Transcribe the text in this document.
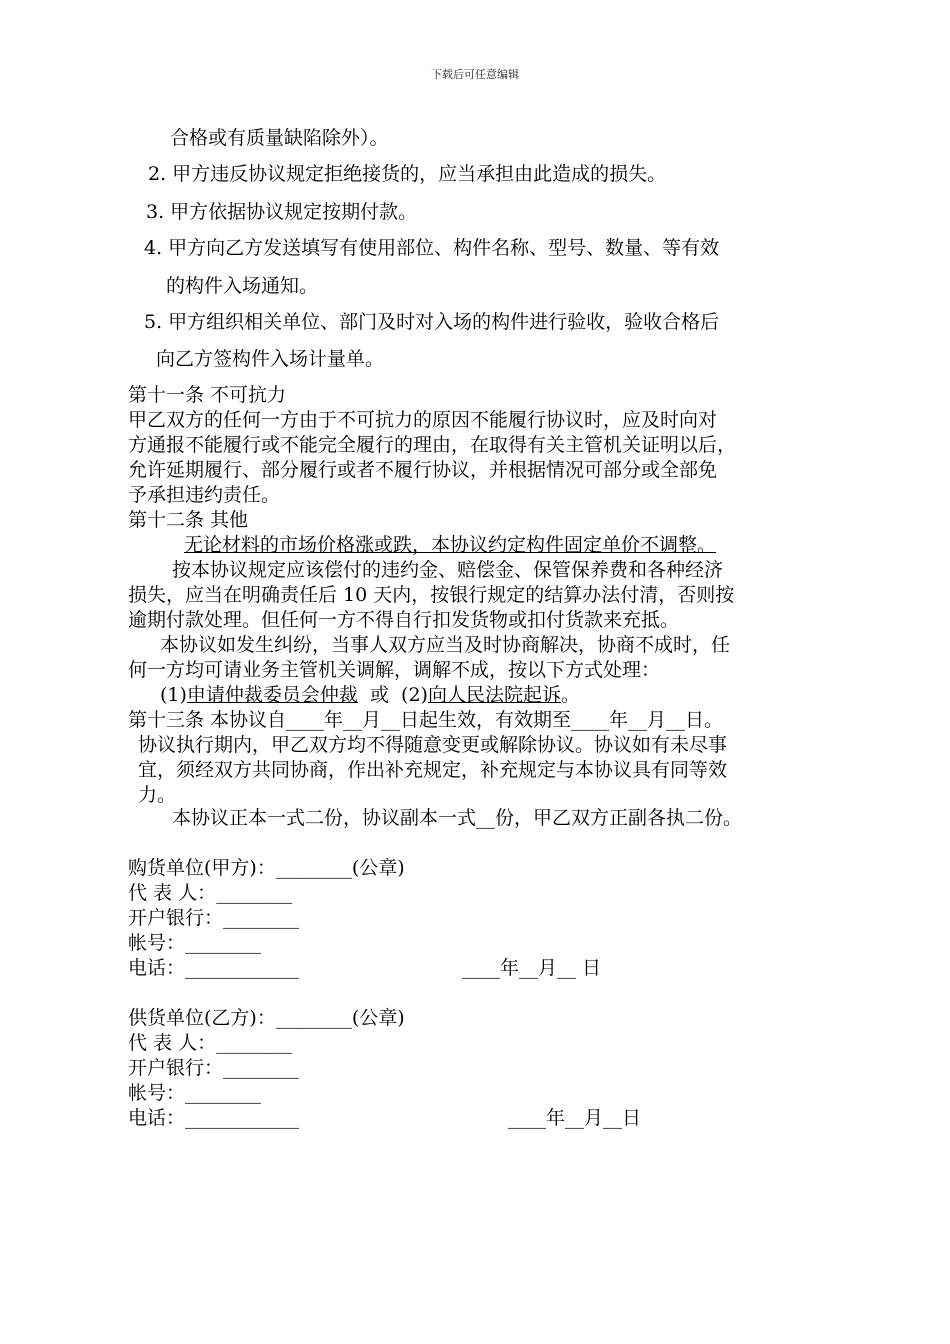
下载后可任意编辑
合格或有质量缺陷除外）。
2. 甲方违反协议规定拒绝接货的，应当承担由此造成的损失。
3. 甲方依据协议规定按期付款。
4. 甲方向乙方发送填写有使用部位、构件名称、型号、数量、等有效
的构件入场通知。
5. 甲方组织相关单位、部门及时对入场的构件进行验收，验收合格后
向乙方签构件入场计量单。
第十一条 不可抗力
甲乙双方的任何一方由于不可抗力的原因不能履行协议时，应及时向对
方通报不能履行或不能完全履行的理由，在取得有关主管机关证明以后，
允许延期履行、部分履行或者不履行协议，并根据情况可部分或全部免
予承担违约责任。
第十二条 其他
无论材料的市场价格涨或跌，本协议约定构件固定单价不调整。
按本协议规定应该偿付的违约金、赔偿金、保管保养费和各种经济
损失，应当在明确责任后 10 天内，按银行规定的结算办法付清，否则按
逾期付款处理。但任何一方不得自行扣发货物或扣付货款来充抵。
本协议如发生纠纷，当事人双方应当及时协商解决，协商不成时，任
何一方均可请业务主管机关调解，调解不成，按以下方式处理：
(1)申请仲裁委员会仲裁 或 (2)向人民法院起诉。
第十三条 本协议自____年__月__日起生效，有效期至____年__月__日。
协议执行期内，甲乙双方均不得随意变更或解除协议。协议如有未尽事
宜，须经双方共同协商，作出补充规定，补充规定与本协议具有同等效
力。
本协议正本一式二份，协议副本一式__份，甲乙双方正副各执二份。
购货单位(甲方)：________(公章)
代 表 人：________
开户银行：________
帐号：________
电话：____________	____年__月__ 日
供货单位(乙方)：________(公章)
代 表 人：________
开户银行：________
帐号：________
电话：____________	____年__月__日
